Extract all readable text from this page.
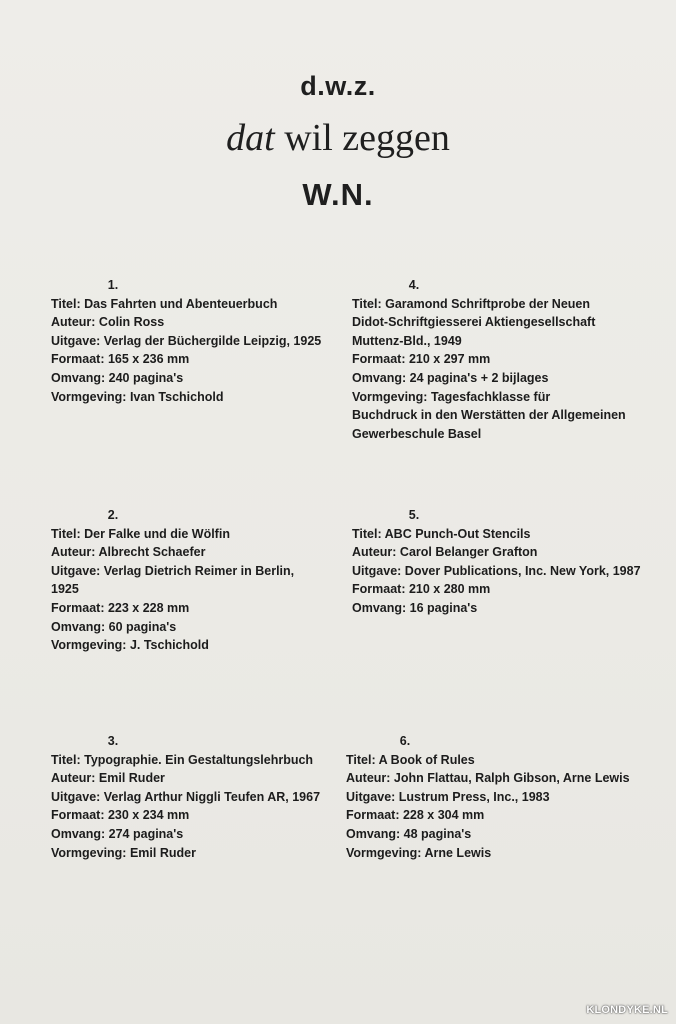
d.w.z.
dat wil zeggen
W.N.
1.
Titel: Das Fahrten und Abenteuerbuch
Auteur: Colin Ross
Uitgave: Verlag der Büchergilde Leipzig, 1925
Formaat: 165 x 236 mm
Omvang: 240 pagina's
Vormgeving: Ivan Tschichold
4.
Titel: Garamond Schriftprobe der Neuen
Didot-Schriftgiesserei Aktiengesellschaft
Muttenz-Bld., 1949
Formaat: 210 x 297 mm
Omvang: 24 pagina's + 2 bijlages
Vormgeving: Tagesfachklasse für
Buchdruck in den Werstätten der Allgemeinen
Gewerbeschule Basel
2.
Titel: Der Falke und die Wölfin
Auteur: Albrecht Schaefer
Uitgave: Verlag Dietrich Reimer in Berlin,
1925
Formaat: 223 x 228 mm
Omvang: 60 pagina's
Vormgeving: J. Tschichold
5.
Titel: ABC Punch-Out Stencils
Auteur: Carol Belanger Grafton
Uitgave: Dover Publications, Inc. New York, 1987
Formaat: 210 x 280 mm
Omvang: 16 pagina's
3.
Titel: Typographie. Ein Gestaltungslehrbuch
Auteur: Emil Ruder
Uitgave: Verlag Arthur Niggli Teufen AR, 1967
Formaat: 230 x 234 mm
Omvang: 274 pagina's
Vormgeving: Emil Ruder
6.
Titel: A Book of Rules
Auteur: John Flattau, Ralph Gibson, Arne Lewis
Uitgave: Lustrum Press, Inc., 1983
Formaat: 228 x 304 mm
Omvang: 48 pagina's
Vormgeving: Arne Lewis
KLONDYKE.NL
